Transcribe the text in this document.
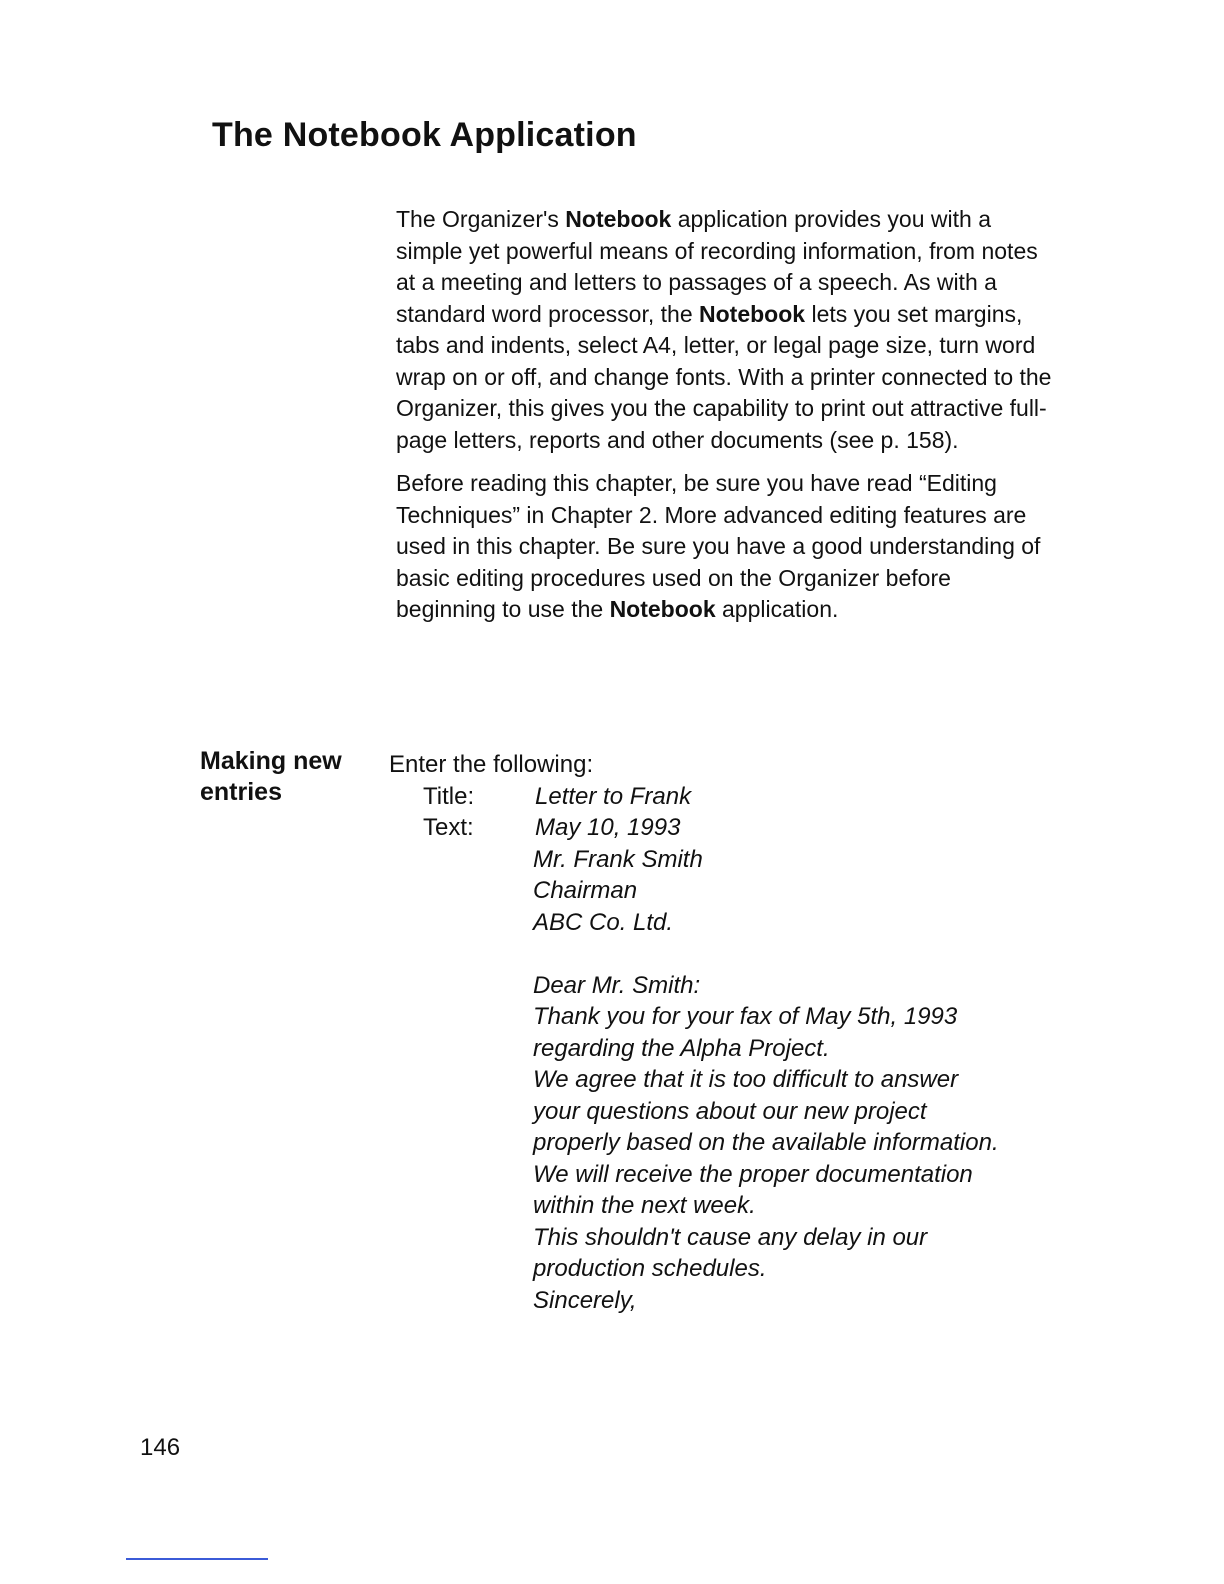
The Notebook Application

The Organizer's Notebook application provides you with a simple yet powerful means of recording information, from notes at a meeting and letters to passages of a speech. As with a standard word processor, the Notebook lets you set margins, tabs and indents, select A4, letter, or legal page size, turn word wrap on or off, and change fonts. With a printer connected to the Organizer, this gives you the capability to print out attractive full-page letters, reports and other documents (see p. 158).

Before reading this chapter, be sure you have read “Editing Techniques” in Chapter 2. More advanced editing features are used in this chapter. Be sure you have a good understanding of basic editing procedures used on the Organizer before beginning to use the Notebook application.

Making new
entries

Enter the following:

Title:	Letter to Frank
Text:	May 10, 1993
Mr. Frank Smith
Chairman
ABC Co. Ltd.
Dear Mr. Smith:
Thank you for your fax of May 5th, 1993
regarding the Alpha Project.
We agree that it is too difficult to answer
your questions about our new project
properly based on the available information.
We will receive the proper documentation
within the next week.
This shouldn't cause any delay in our
production schedules.
Sincerely,
146
